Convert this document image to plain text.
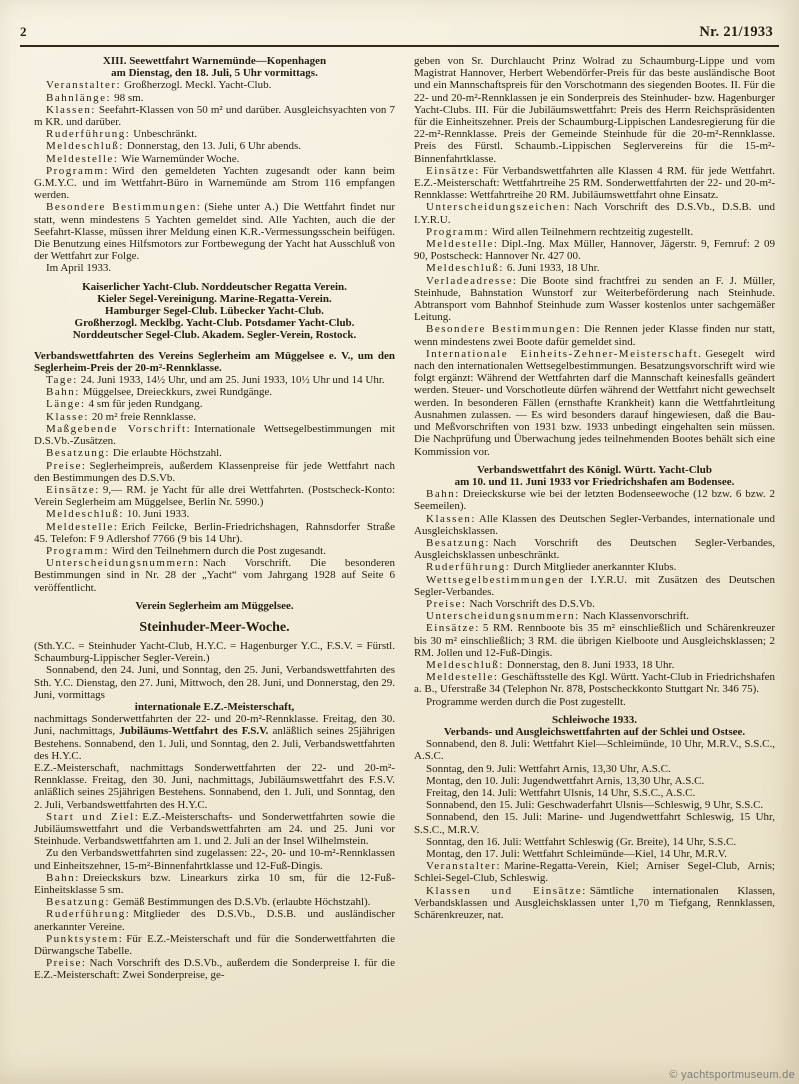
2	Nr. 21/1933
XIII. Seewettfahrt Warnemünde—Kopenhagen
am Dienstag, den 18. Juli, 5 Uhr vormittags.
Veranstalter: Großherzogl. Meckl. Yacht-Club.
Bahnlänge: 98 sm.
Klassen: Seefahrt-Klassen von 50 m² und darüber. Ausgleichsyachten von 7 m KR. und darüber.
Ruderführung: Unbeschränkt.
Meldeschluß: Donnerstag, den 13. Juli, 6 Uhr abends.
Meldestelle: Wie Warnemünder Woche.
Programm: Wird den gemeldeten Yachten zugesandt oder kann beim G.M.Y.C. und im Wettfahrt-Büro in Warnemünde am Strom 116 empfangen werden.
Besondere Bestimmungen: (Siehe unter A.) Die Wettfahrt findet nur statt, wenn mindestens 5 Yachten gemeldet sind. Alle Yachten, auch die der Seefahrt-Klasse, müssen ihrer Meldung einen K.R.-Vermessungsschein beifügen. Die Benutzung eines Hilfsmotors zur Fortbewegung der Yacht hat Ausschluß von der Wettfahrt zur Folge.
Im April 1933.
Kaiserlicher Yacht-Club. Norddeutscher Regatta Verein.
Kieler Segel-Vereinigung. Marine-Regatta-Verein.
Hamburger Segel-Club. Lübecker Yacht-Club.
Großherzogl. Mecklbg. Yacht-Club. Potsdamer Yacht-Club.
Norddeutscher Segel-Club. Akadem. Segler-Verein, Rostock.
Verbandswettfahrten des Vereins Seglerheim am Müggelsee e. V., um den Seglerheim-Preis der 20-m²-Rennklasse.
Tage: 24. Juni 1933, 14½ Uhr, und am 25. Juni 1933, 10½ Uhr und 14 Uhr.
Bahn: Müggelsee, Dreieckkurs, zwei Rundgänge.
Länge: 4 sm für jeden Rundgang.
Klasse: 20 m² freie Rennklasse.
Maßgebende Vorschrift: Internationale Wettsegelbestimmungen mit D.S.Vb.-Zusätzen.
Besatzung: Die erlaubte Höchstzahl.
Preise: Seglerheimpreis, außerdem Klassenpreise für jede Wettfahrt nach den Bestimmungen des D.S.Vb.
Einsätze: 9,— RM. je Yacht für alle drei Wettfahrten. (Postscheck-Konto: Verein Seglerheim am Müggelsee, Berlin Nr. 5990.)
Meldeschluß: 10. Juni 1933.
Meldestelle: Erich Feilcke, Berlin-Friedrichshagen, Rahnsdorfer Straße 45. Telefon: F 9 Adlershof 7766 (9 bis 14 Uhr).
Programm: Wird den Teilnehmern durch die Post zugesandt.
Unterscheidungsnummern: Nach Vorschrift. Die besonderen Bestimmungen sind in Nr. 28 der „Yacht“ vom Jahrgang 1928 auf Seite 6 veröffentlicht.
Verein Seglerheim am Müggelsee.
Steinhuder-Meer-Woche.
(Sth.Y.C. = Steinhuder Yacht-Club, H.Y.C. = Hagenburger Y.C., F.S.V. = Fürstl. Schaumburg-Lippischer Segler-Verein.)
Sonnabend, den 24. Juni, und Sonntag, den 25. Juni, Verbandswettfahrten des Sth. Y.C. Dienstag, den 27. Juni, Mittwoch, den 28. Juni, und Donnerstag, den 29. Juni, vormittags
internationale E.Z.-Meisterschaft,
nachmittags Sonderwettfahrten der 22- und 20-m²-Rennklasse. Freitag, den 30. Juni, nachmittags, Jubiläums-Wettfahrt des F.S.V. anläßlich seines 25jährigen Bestehens. Sonnabend, den 1. Juli, und Sonntag, den 2. Juli, Verbandswettfahrten des H.Y.C.
E.Z.-Meisterschaft, nachmittags Sonderwettfahrten der 22- und 20-m²-Rennklasse. Freitag, den 30. Juni, nachmittags, Jubiläumswettfahrt des F.S.V. anläßlich seines 25jährigen Bestehens. Sonnabend, den 1. Juli, und Sonntag, den 2. Juli, Verbandswettfahrten des H.Y.C.
Start und Ziel: E.Z.-Meisterschafts- und Sonderwettfahrten sowie die Jubiläumswettfahrt und die Verbandswettfahrten am 24. und 25. Juni vor Steinhude. Verbandswettfahrten am 1. und 2. Juli an der Insel Wilhelmstein.
Zu den Verbandswettfahrten sind zugelassen: 22-, 20- und 10-m²-Rennklassen und Einheitszehner, 15-m²-Binnenfahrtklasse und 12-Fuß-Dingis.
Bahn: Dreieckskurs bzw. Linearkurs zirka 10 sm, für die 12-Fuß-Einheitsklasse 5 sm.
Besatzung: Gemäß Bestimmungen des D.S.Vb. (erlaubte Höchstzahl).
Ruderführung: Mitglieder des D.S.Vb., D.S.B. und ausländischer anerkannter Vereine.
Punktsystem: Für E.Z.-Meisterschaft und für die Sonderwettfahrten die Dürwangsche Tabelle.
Preise: Nach Vorschrift des D.S.Vb., außerdem die Sonderpreise I. für die E.Z.-Meisterschaft: Zwei Sonderpreise, ge-
geben von Sr. Durchlaucht Prinz Wolrad zu Schaumburg-Lippe und vom Magistrat Hannover, Herbert Webendörfer-Preis für das beste ausländische Boot und ein Mannschaftspreis für den Vorschotmann des siegenden Bootes. II. Für die 22- und 20-m²-Rennklassen je ein Sonderpreis des Steinhuder- bzw. Hagenburger Yacht-Clubs. III. Für die Jubiläumswettfahrt: Preis des Herrn Reichspräsidenten für die Einheitszehner. Preis der Schaumburg-Lippischen Landesregierung für die 22-m²-Rennklasse. Preis der Gemeinde Steinhude für die 20-m²-Rennklasse. Preis des Fürstl. Schaumb.-Lippischen Seglervereins für die 15-m²-Binnenfahrtklasse.
Einsätze: Für Verbandswettfahrten alle Klassen 4 RM. für jede Wettfahrt. E.Z.-Meisterschaft: Wettfahrtreihe 25 RM. Sonderwettfahrten der 22- und 20-m²-Rennklasse: Wettfahrtreihe 20 RM. Jubiläumswettfahrt ohne Einsatz.
Unterscheidungszeichen: Nach Vorschrift des D.S.Vb., D.S.B. und I.Y.R.U.
Programm: Wird allen Teilnehmern rechtzeitig zugestellt.
Meldestelle: Dipl.-Ing. Max Müller, Hannover, Jägerstr. 9, Fernruf: 2 09 90, Postscheck: Hannover Nr. 427 00.
Meldeschluß: 6. Juni 1933, 18 Uhr.
Verladeadresse: Die Boote sind frachtfrei zu senden an F. J. Müller, Steinhude, Bahnstation Wunstorf zur Weiterbeförderung nach Steinhude. Abtransport vom Bahnhof Steinhude zum Wasser kostenlos unter sachgemäßer Leitung.
Besondere Bestimmungen: Die Rennen jeder Klasse finden nur statt, wenn mindestens zwei Boote dafür gemeldet sind.
Internationale Einheits-Zehner-Meisterschaft. Gesegelt wird nach den internationalen Wettsegelbestimmungen. Besatzungsvorschrift wird wie folgt ergänzt: Während der Wettfahrten darf die Mannschaft keinesfalls geändert werden. Steuer- und Vorschotleute dürfen während der Wettfahrt nicht gewechselt werden. In besonderen Fällen (ernsthafte Krankheit) kann die Wettfahrtleitung Ausnahmen zulassen. — Es wird besonders darauf hingewiesen, daß die Bau- und Meßvorschriften von 1931 bzw. 1933 unbedingt eingehalten sein müssen. Die Nachprüfung und Überwachung jedes teilnehmenden Bootes behält sich eine Kommission vor.
Verbandswettfahrt des Königl. Württ. Yacht-Club
am 10. und 11. Juni 1933 vor Friedrichshafen am Bodensee.
Bahn: Dreieckskurse wie bei der letzten Bodenseewoche (12 bzw. 6 bzw. 2 Seemeilen).
Klassen: Alle Klassen des Deutschen Segler-Verbandes, internationale und Ausgleichsklassen.
Besatzung: Nach Vorschrift des Deutschen Segler-Verbandes, Ausgleichsklassen unbeschränkt.
Ruderführung: Durch Mitglieder anerkannter Klubs.
Wettsegelbestimmungen der I.Y.R.U. mit Zusätzen des Deutschen Segler-Verbandes.
Preise: Nach Vorschrift des D.S.Vb.
Unterscheidungsnummern: Nach Klassenvorschrift.
Einsätze: 5 RM. Rennboote bis 35 m² einschließlich und Schärenkreuzer bis 30 m² einschließlich; 3 RM. die übrigen Kielboote und Ausgleichsklassen; 2 RM. Jollen und 12-Fuß-Dingis.
Meldeschluß: Donnerstag, den 8. Juni 1933, 18 Uhr.
Meldestelle: Geschäftsstelle des Kgl. Württ. Yacht-Club in Friedrichshafen a. B., Uferstraße 34 (Telephon Nr. 878, Postscheckkonto Stuttgart Nr. 346 75).
Programme werden durch die Post zugestellt.
Schleiwoche 1933.
Verbands- und Ausgleichswettfahrten auf der Schlei und Ostsee.
Sonnabend, den 8. Juli: Wettfahrt Kiel—Schleimünde, 10 Uhr, M.R.V., S.S.C., A.S.C.
Sonntag, den 9. Juli: Wettfahrt Arnis, 13,30 Uhr, A.S.C.
Montag, den 10. Juli: Jugendwettfahrt Arnis, 13,30 Uhr, A.S.C.
Freitag, den 14. Juli: Wettfahrt Ulsnis, 14 Uhr, S.S.C., A.S.C.
Sonnabend, den 15. Juli: Geschwaderfahrt Ulsnis—Schleswig, 9 Uhr, S.S.C.
Sonnabend, den 15. Juli: Marine- und Jugendwettfahrt Schleswig, 15 Uhr, S.S.C., M.R.V.
Sonntag, den 16. Juli: Wettfahrt Schleswig (Gr. Breite), 14 Uhr, S.S.C.
Montag, den 17. Juli: Wettfahrt Schleimünde—Kiel, 14 Uhr, M.R.V.
Veranstalter: Marine-Regatta-Verein, Kiel; Arniser Segel-Club, Arnis; Schlei-Segel-Club, Schleswig.
Klassen und Einsätze: Sämtliche internationalen Klassen, Verbandsklassen und Ausgleichsklassen unter 1,70 m Tiefgang, Rennklassen, Schärenkreuzer, nat.
© yachtsportmuseum.de
